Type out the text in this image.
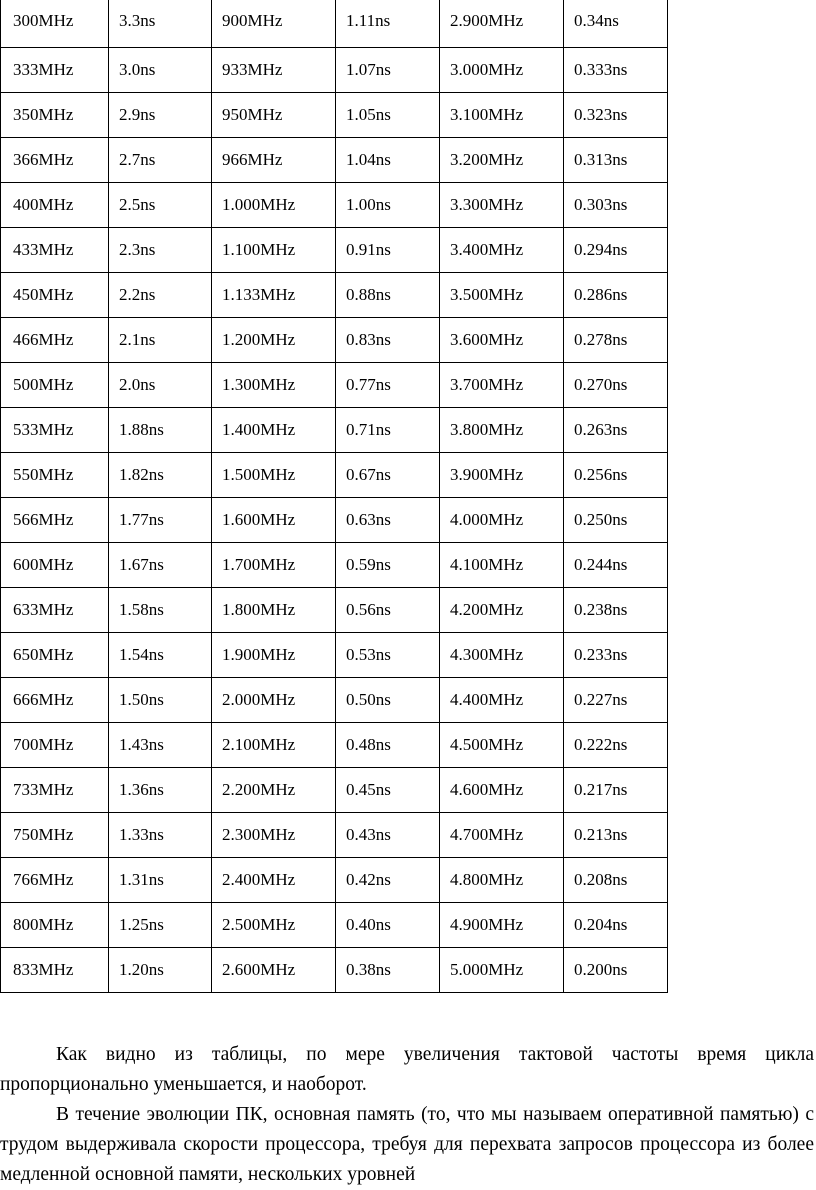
300MHz	3.3ns	900MHz	1.11ns	2.900MHz	0.34ns
333MHz	3.0ns	933MHz	1.07ns	3.000MHz	0.333ns
350MHz	2.9ns	950MHz	1.05ns	3.100MHz	0.323ns
366MHz	2.7ns	966MHz	1.04ns	3.200MHz	0.313ns
400MHz	2.5ns	1.000MHz	1.00ns	3.300MHz	0.303ns
433MHz	2.3ns	1.100MHz	0.91ns	3.400MHz	0.294ns
450MHz	2.2ns	1.133MHz	0.88ns	3.500MHz	0.286ns
466MHz	2.1ns	1.200MHz	0.83ns	3.600MHz	0.278ns
500MHz	2.0ns	1.300MHz	0.77ns	3.700MHz	0.270ns
533MHz	1.88ns	1.400MHz	0.71ns	3.800MHz	0.263ns
550MHz	1.82ns	1.500MHz	0.67ns	3.900MHz	0.256ns
566MHz	1.77ns	1.600MHz	0.63ns	4.000MHz	0.250ns
600MHz	1.67ns	1.700MHz	0.59ns	4.100MHz	0.244ns
633MHz	1.58ns	1.800MHz	0.56ns	4.200MHz	0.238ns
650MHz	1.54ns	1.900MHz	0.53ns	4.300MHz	0.233ns
666MHz	1.50ns	2.000MHz	0.50ns	4.400MHz	0.227ns
700MHz	1.43ns	2.100MHz	0.48ns	4.500MHz	0.222ns
733MHz	1.36ns	2.200MHz	0.45ns	4.600MHz	0.217ns
750MHz	1.33ns	2.300MHz	0.43ns	4.700MHz	0.213ns
766MHz	1.31ns	2.400MHz	0.42ns	4.800MHz	0.208ns
800MHz	1.25ns	2.500MHz	0.40ns	4.900MHz	0.204ns
833MHz	1.20ns	2.600MHz	0.38ns	5.000MHz	0.200ns

Как видно из таблицы, по мере увеличения тактовой частоты время цикла пропорционально уменьшается, и наоборот.

В течение эволюции ПК, основная память (то, что мы называем оперативной памятью) с трудом выдерживала скорости процессора, требуя для перехвата запросов процессора из более медленной основной памяти, нескольких уровней
